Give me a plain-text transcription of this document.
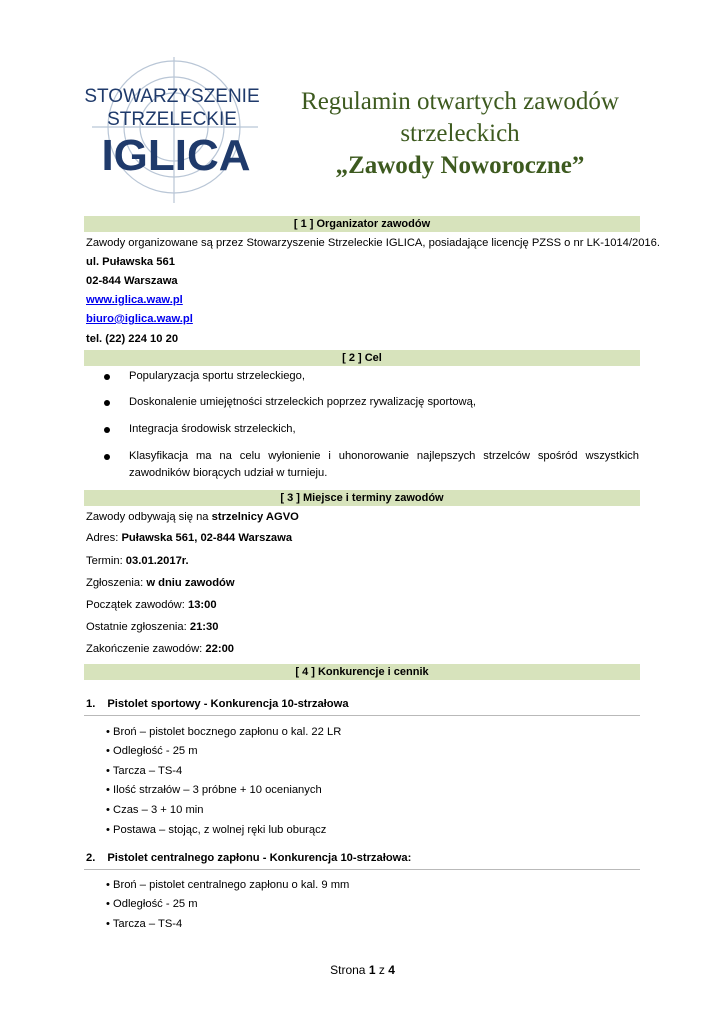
STOWARZYSZENIE
STRZELECKIE
IGLICA
Regulamin otwartych zawodów
strzeleckich
„Zawody Noworoczne”
[ 1 ] Organizator zawodów
Zawody organizowane są przez Stowarzyszenie Strzeleckie IGLICA, posiadające licencję PZSS o nr LK-1014/2016.
ul. Puławska 561
02-844 Warszawa
www.iglica.waw.pl
biuro@iglica.waw.pl
tel. (22) 224 10 20
[ 2 ] Cel
Popularyzacja sportu strzeleckiego,
Doskonalenie umiejętności strzeleckich poprzez rywalizację sportową,
Integracja środowisk strzeleckich,
Klasyfikacja ma na celu wyłonienie i uhonorowanie najlepszych strzelców spośród wszystkich zawodników biorących udział w turnieju.
[ 3 ] Miejsce i terminy zawodów
Zawody odbywają się na strzelnicy AGVO
Adres: Puławska 561, 02-844 Warszawa
Termin: 03.01.2017r.
Zgłoszenia: w dniu zawodów
Początek zawodów: 13:00
Ostatnie zgłoszenia: 21:30
Zakończenie zawodów: 22:00
[ 4 ] Konkurencje i cennik
1. Pistolet sportowy - Konkurencja 10-strzałowa
• Broń – pistolet bocznego zapłonu o kal. 22 LR
• Odległość - 25 m
• Tarcza – TS-4
• Ilość strzałów – 3 próbne + 10 ocenianych
• Czas – 3 + 10 min
• Postawa – stojąc, z wolnej ręki lub oburącz
2. Pistolet centralnego zapłonu - Konkurencja 10-strzałowa:
• Broń – pistolet centralnego zapłonu o kal. 9 mm
• Odległość - 25 m
• Tarcza – TS-4
Strona 1 z 4
